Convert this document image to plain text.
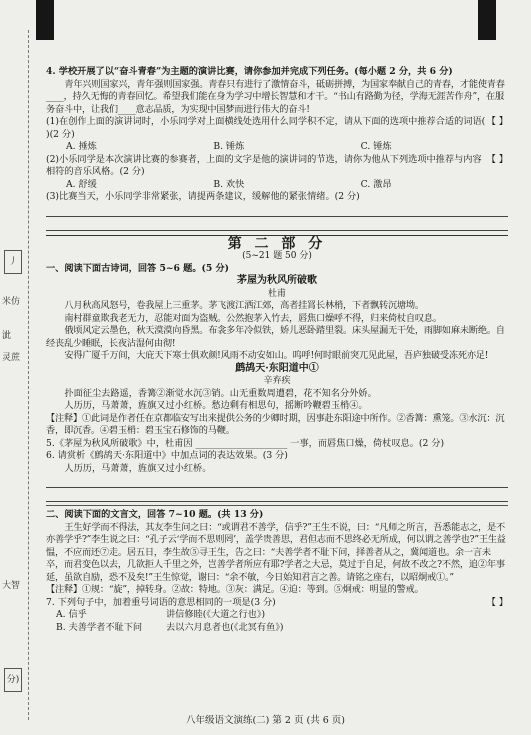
丿
米仿
泚
灵蔗
大智
分)

4. 学校开展了以“奋斗青春”为主题的演讲比赛，请你参加并完成下列任务。(每小题 2 分，共 6 分)

青年兴则国家兴，青年强则国家强。青春只有进行了激情奋斗，砥砺拼搏，为国家奉献自己的青春，才能使青春____，持久无悔的青春回忆。希望我们能在身为学习中增长智慧和才干。“书山有路勤为径，学海无涯苦作舟”，在服务奋斗中，让我们____意志品质，为实现中国梦而进行伟大的奋斗!

【 】
(1)在创作上面的演讲词时，小乐同学对上面横线处选用什么同学积不定，请从下面的选项中推荐合适的词语( )(2 分)

A. 捶炼	B. 锤炼	C. 锤炼

【 】
(2)小乐同学是本次演讲比赛的参赛者，上面的文字是他的演讲词的节选，请你为他从下列选项中推荐与内容相符的音乐风格。(2 分)

A. 舒缓	B. 欢快	C. 激昂

(3)比赛当天，小乐同学非常紧张，请提两条建议，缓解他的紧张情绪。(2 分)

第 二 部 分
(5~21 题 50 分)

一、阅读下面古诗词，回答 5~6 题。(5 分)

茅屋为秋风所破歌
杜甫

八月秋高风怒号，卷我屋上三重茅。茅飞渡江洒江郊，高者挂罥长林梢，下者飘转沉塘坳。

南村群童欺我老无力，忍能对面为盗贼。公然抱茅入竹去，唇焦口燥呼不得，归来倚杖自叹息。

俄顷风定云墨色，秋天漠漠向昏黑。布衾多年冷似铁，娇儿恶卧踏里裂。床头屋漏无干处，雨脚如麻未断绝。自经丧乱少睡眠，长夜沾湿何由彻!

安得广厦千万间，大庇天下寒士俱欢颜!风雨不动安如山。呜呼!何时眼前突兀见此屋，吾庐独破受冻死亦足!

鹧鸪天·东阳道中①
辛弃疾

扑面征尘去路遥，香篝②渐觉水沉③销。山无重数周遭碧，花不知名分外娇。

人历历，马萧萧，旌旗又过小红桥。愁边剩有相思句，摇断吟鞭碧玉梢④。

【注释】①此词是作者任在京都临安写出来提供公务的少卿时期，因事赴东阳途中所作。②香篝：熏笼。③水沉：沉香，即沉香。④碧玉梢：碧玉宝石修饰的马鞭。

5.《茅屋为秋风所破歌》中，杜甫因 ____________________ 一事，而唇焦口燥，倚杖叹息。(2 分)

6. 请赏析《鹧鸪天·东阳道中》中加点词的表达效果。(3 分)

人历历，马萧萧，旌旗又过小红桥。

二、阅读下面的文言文，回答 7~10 题。(共 13 分)

王生好学而不得法，其友李生问之曰：“或谓君不善学，信乎?”王生不说，曰：“凡师之所言，吾悉能志之，是不亦善学乎?”李生说之曰：“孔子云‘学而不思则罔’，盖学贵善思，君但志而不思终必无所成，何以谓之善学也?”王生益愠，不应而还⑦走。居五日，李生故⑤寻王生，告之曰：“夫善学者不耻下问，择善者从之，冀闻道也。余一言未卒，而君变色以去，几欲拒人千里之外，岂善学者所应有耶?学者之大忌，莫过于自足，何故不改之?不然，追②年事延，虽欲自励，恐不及矣!”王生惊觉，谢曰：“余不敏，今日始知君言之善。请铭之座右，以昭炯戒①。”

【注释】①规：“旋”，掉转身。②故：特地。③灰：满足。④迫：等到。⑤炯戒：明显的警戒。

【 】
7. 下列句子中，加着重号词语的意思相同的一项是(3 分)

A. 信乎	讲信修睦(《大道之行也》)
B. 夫善学者不耻下问	去以六月息者也(《北冥有鱼》)
八年级语文演练(二) 第 2 页 (共 6 页)
